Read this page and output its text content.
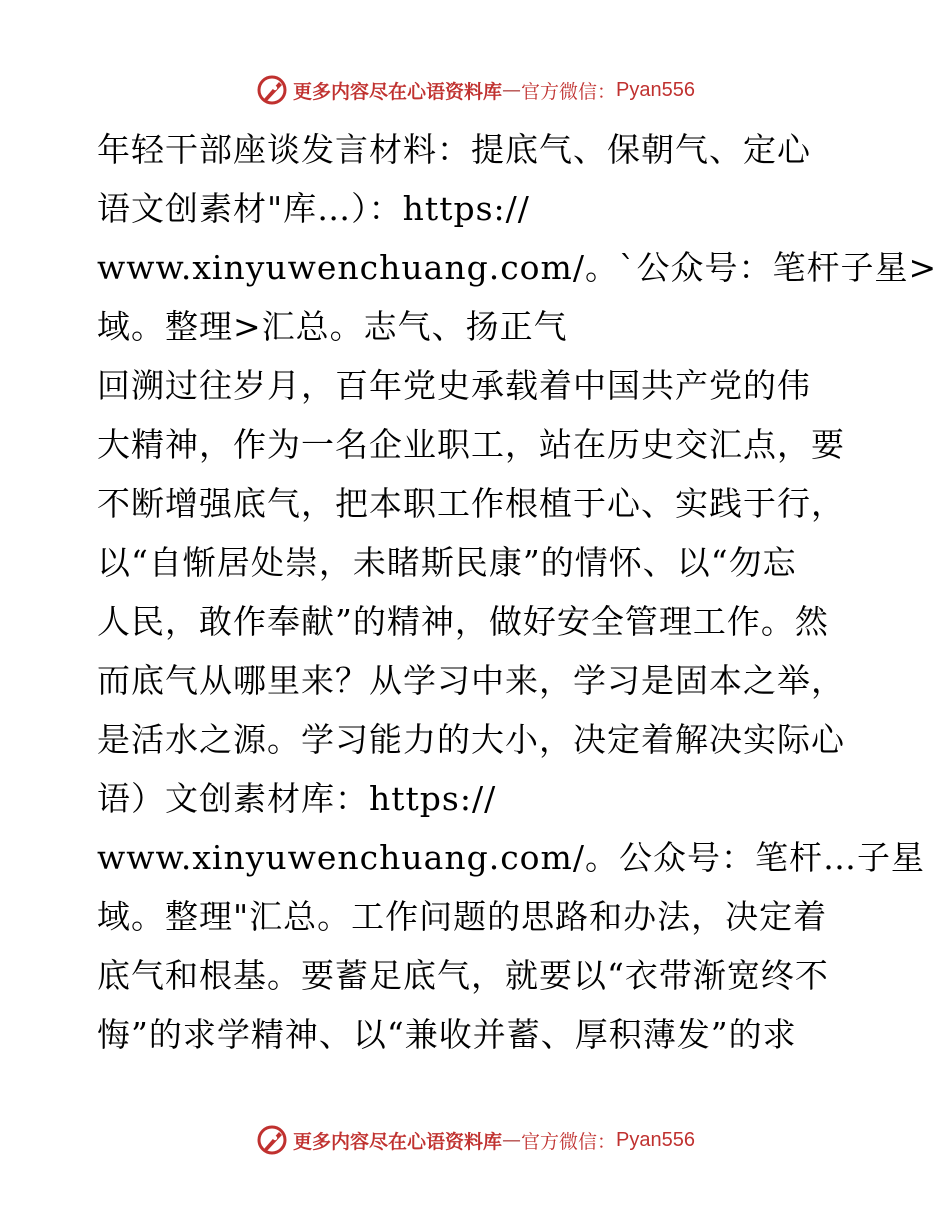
更多内容尽在心语资料库 — 官方微信： Pyan556
年轻干部座谈发言材料：提底气、保朝气、定心
语文创素材"库…）：https://
www.xinyuwenchuang.com/。`公众号：笔杆子星>
域。整理>汇总。志气、扬正气
回溯过往岁月，百年党史承载着中国共产党的伟
大精神，作为一名企业职工，站在历史交汇点，要
不断增强底气，把本职工作根植于心、实践于行，
以“自惭居处崇，未睹斯民康”的情怀、以“勿忘
人民，敢作奉献”的精神，做好安全管理工作。然
而底气从哪里来？从学习中来，学习是固本之举，
是活水之源。学习能力的大小，决定着解决实际心
语）文创素材库：https://
www.xinyuwenchuang.com/。公众号：笔杆…子星
域。整理"汇总。工作问题的思路和办法，决定着
底气和根基。要蓄足底气，就要以“衣带渐宽终不
悔”的求学精神、以“兼收并蓄、厚积薄发”的求
更多内容尽在心语资料库 — 官方微信： Pyan556
